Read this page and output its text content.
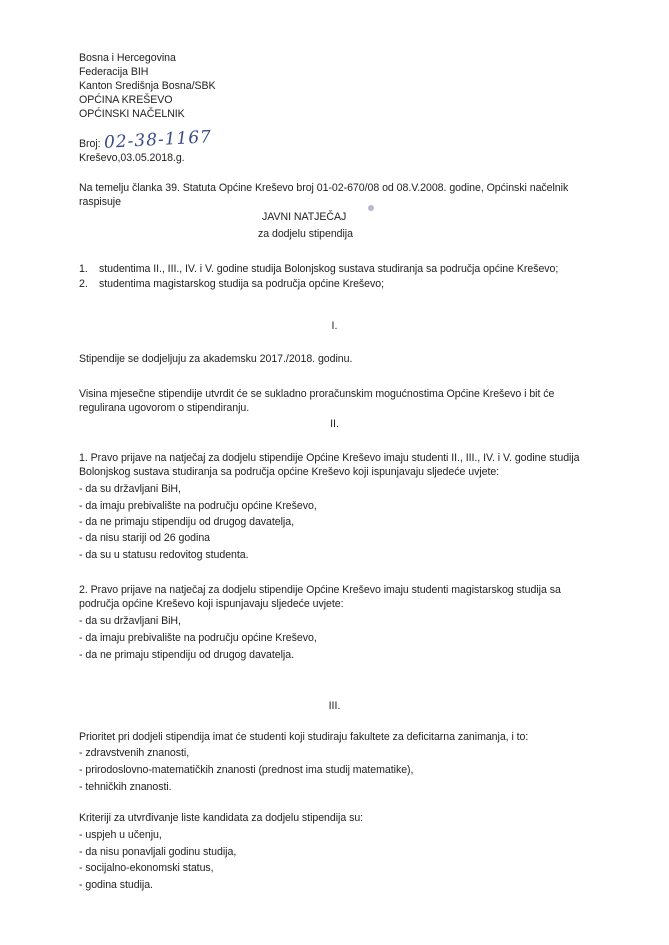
Bosna i Hercegovina
Federacija BIH
Kanton Središnja Bosna/SBK
OPĆINA KREŠEVO
OPĆINSKI NAČELNIK
Broj: 02-38-1167
Kreševo,03.05.2018.g.
Na temelju članka 39. Statuta Općine Kreševo broj 01-02-670/08 od 08.V.2008. godine, Općinski načelnik
raspisuje
JAVNI NATJEČAJ
za dodjelu stipendija
1. studentima II., III., IV. i V. godine studija Bolonjskog sustava studiranja sa područja općine Kreševo;
2. studentima magistarskog studija sa područja općine Kreševo;
I.
Stipendije se dodjeljuju za akademsku 2017./2018. godinu.
Visina mjesečne stipendije utvrdit će se sukladno proračunskim mogućnostima Općine Kreševo i bit će
regulirana ugovorom o stipendiranju.
II.
1. Pravo prijave na natječaj za dodjelu stipendije Općine Kreševo imaju studenti II., III., IV. i V. godine studija
Bolonjskog sustava studiranja sa područja općine Kreševo koji ispunjavaju sljedeće uvjete:
- da su državljani BiH,
- da imaju prebivalište na području općine Kreševo,
- da ne primaju stipendiju od drugog davatelja,
- da nisu stariji od 26 godina
- da su u statusu redovitog studenta.
2. Pravo prijave na natječaj za dodjelu stipendije Općine Kreševo imaju studenti magistarskog studija sa
područja općine Kreševo koji ispunjavaju sljedeće uvjete:
- da su državljani BiH,
- da imaju prebivalište na području općine Kreševo,
- da ne primaju stipendiju od drugog davatelja.
III.
Prioritet pri dodjeli stipendija imat će studenti koji studiraju fakultete za deficitarna zanimanja, i to:
- zdravstvenih znanosti,
- prirodoslovno-matematičkih znanosti (prednost ima studij matematike),
- tehničkih znanosti.
Kriteriji za utvrđivanje liste kandidata za dodjelu stipendija su:
- uspjeh u učenju,
- da nisu ponavljali godinu studija,
- socijalno-ekonomski status,
- godina studija.
